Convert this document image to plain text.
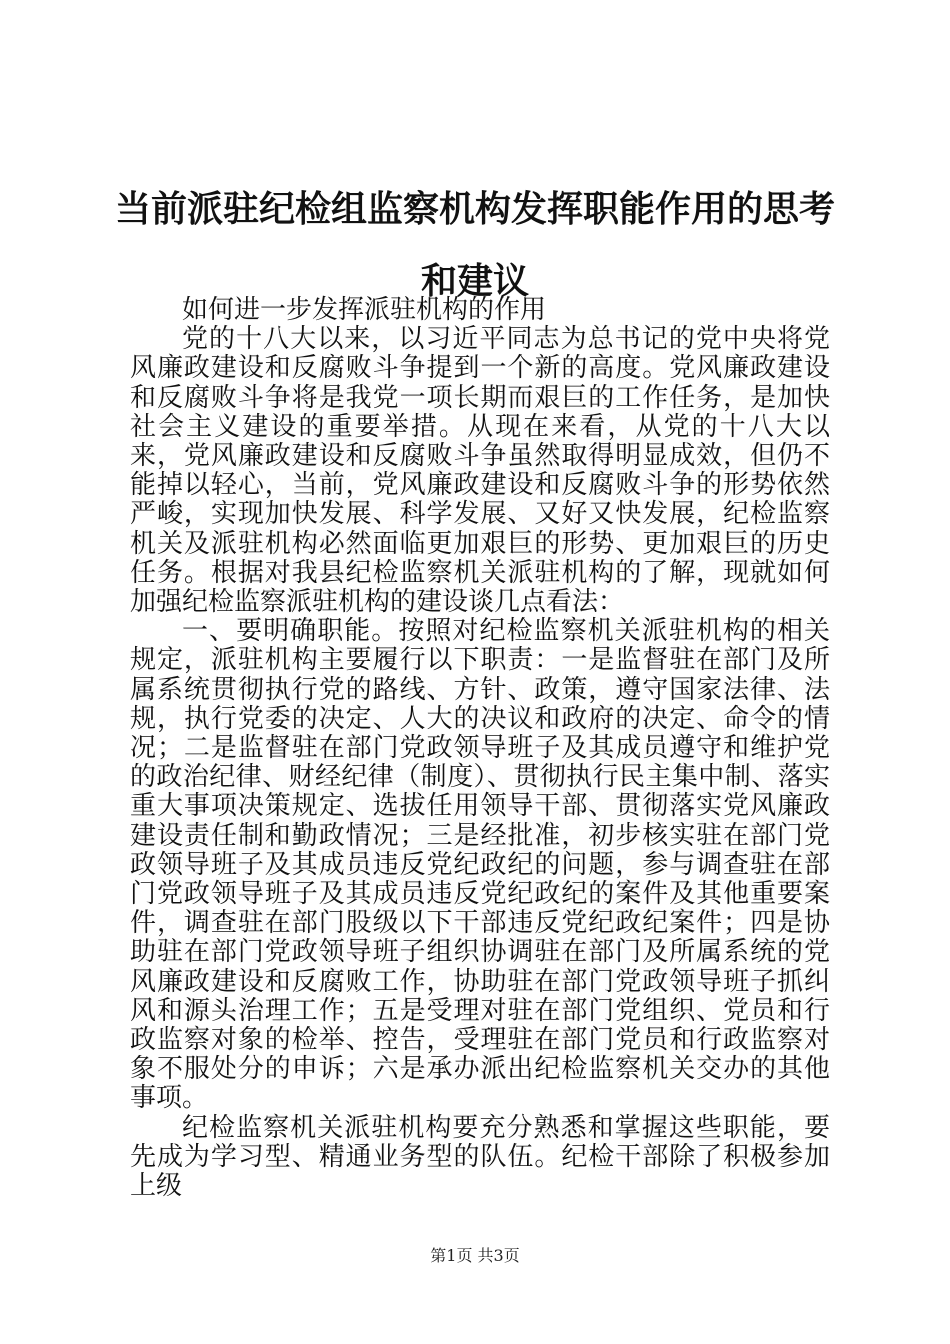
当前派驻纪检组监察机构发挥职能作用的思考和建议

如何进一步发挥派驻机构的作用

党的十八大以来，以习近平同志为总书记的党中央将党风廉政建设和反腐败斗争提到一个新的高度。党风廉政建设和反腐败斗争将是我党一项长期而艰巨的工作任务，是加快社会主义建设的重要举措。从现在来看，从党的十八大以来，党风廉政建设和反腐败斗争虽然取得明显成效，但仍不能掉以轻心，当前，党风廉政建设和反腐败斗争的形势依然严峻，实现加快发展、科学发展、又好又快发展，纪检监察机关及派驻机构必然面临更加艰巨的形势、更加艰巨的历史任务。根据对我县纪检监察机关派驻机构的了解，现就如何加强纪检监察派驻机构的建设谈几点看法：

一、要明确职能。按照对纪检监察机关派驻机构的相关规定，派驻机构主要履行以下职责：一是监督驻在部门及所属系统贯彻执行党的路线、方针、政策，遵守国家法律、法规，执行党委的决定、人大的决议和政府的决定、命令的情况；二是监督驻在部门党政领导班子及其成员遵守和维护党的政治纪律、财经纪律（制度）、贯彻执行民主集中制、落实重大事项决策规定、选拔任用领导干部、贯彻落实党风廉政建设责任制和勤政情况；三是经批准，初步核实驻在部门党政领导班子及其成员违反党纪政纪的问题，参与调查驻在部门党政领导班子及其成员违反党纪政纪的案件及其他重要案件，调查驻在部门股级以下干部违反党纪政纪案件；四是协助驻在部门党政领导班子组织协调驻在部门及所属系统的党风廉政建设和反腐败工作，协助驻在部门党政领导班子抓纠风和源头治理工作；五是受理对驻在部门党组织、党员和行政监察对象的检举、控告，受理驻在部门党员和行政监察对象不服处分的申诉；六是承办派出纪检监察机关交办的其他事项。

纪检监察机关派驻机构要充分熟悉和掌握这些职能，要先成为学习型、精通业务型的队伍。纪检干部除了积极参加上级

第1页 共3页
